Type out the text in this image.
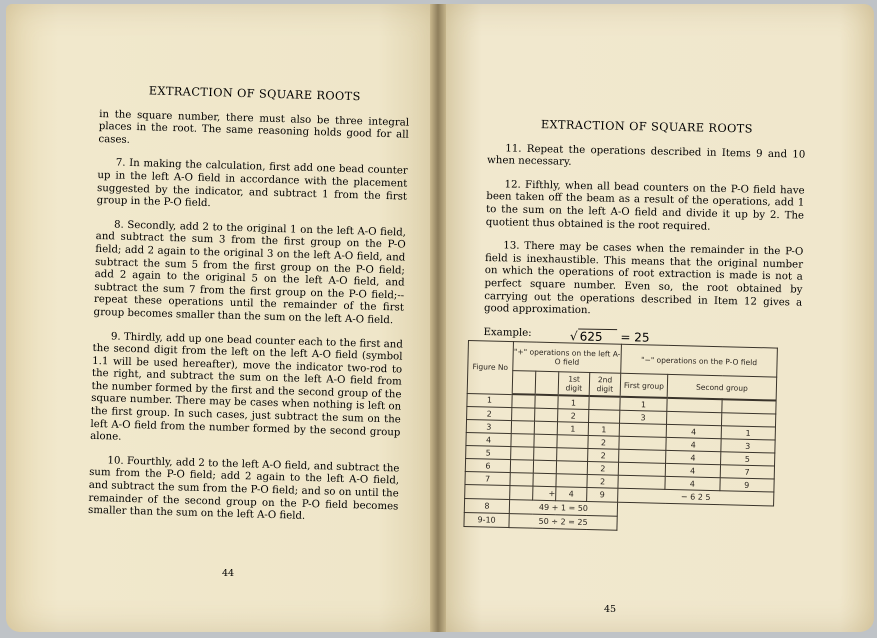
EXTRACTION OF SQUARE ROOTS

in the square number, there must also be three integral places in the root. The same reasoning holds good for all cases.

7. In making the calculation, first add one bead counter up in the left A-O field in accordance with the placement suggested by the indicator, and subtract 1 from the first group in the P-O field.

8. Secondly, add 2 to the original 1 on the left A-O field, and subtract the sum 3 from the first group on the P-O field; add 2 again to the original 3 on the left A-O field, and subtract the sum 5 from the first group on the P-O field; add 2 again to the original 5 on the left A-O field, and subtract the sum 7 from the first group on the P-O field;--repeat these operations until the remainder of the first group becomes smaller than the sum on the left A-O field.

9. Thirdly, add up one bead counter each to the first and the second digit from the left on the left A-O field (symbol 1.1 will be used hereafter), move the indicator two-rod to the right, and subtract the sum on the left A-O field from the number formed by the first and the second group of the square number. There may be cases when nothing is left on the first group. In such cases, just subtract the sum on the left A-O field from the number formed by the second group alone.

10. Fourthly, add 2 to the left A-O field, and subtract the sum from the P-O field; add 2 again to the left A-O field, and subtract the sum from the P-O field; and so on until the remainder of the second group on the P-O field becomes smaller than the sum on the left A-O field.

44
EXTRACTION OF SQUARE ROOTS

11. Repeat the operations described in Items 9 and 10 when necessary.

12. Fifthly, when all bead counters on the P-O field have been taken off the beam as a result of the operations, add 1 to the sum on the left A-O field and divide it up by 2. The quotient thus obtained is the root required.

13. There may be cases when the remainder in the P-O field is inexhaustible. This means that the original number on which the operations of root extraction is made is not a perfect square number. Even so, the root obtained by carrying out the operations described in Item 12 gives a good approximation.

Example:	√ 625 = 25
Figure No	"+" operations on the left A-O field				"−" operations on the P-O field		
			1st digit	2nd digit	First group	Second group	
1			1		1		
2			2		3		
3			1	1		4	1
4				2		4	3
5				2		4	5
6				2		4	7
7				2		4	9
		+	4	9	− 6 2 5		
8	49 + 1 = 50						
9-10	50 ÷ 2 = 25						
45
